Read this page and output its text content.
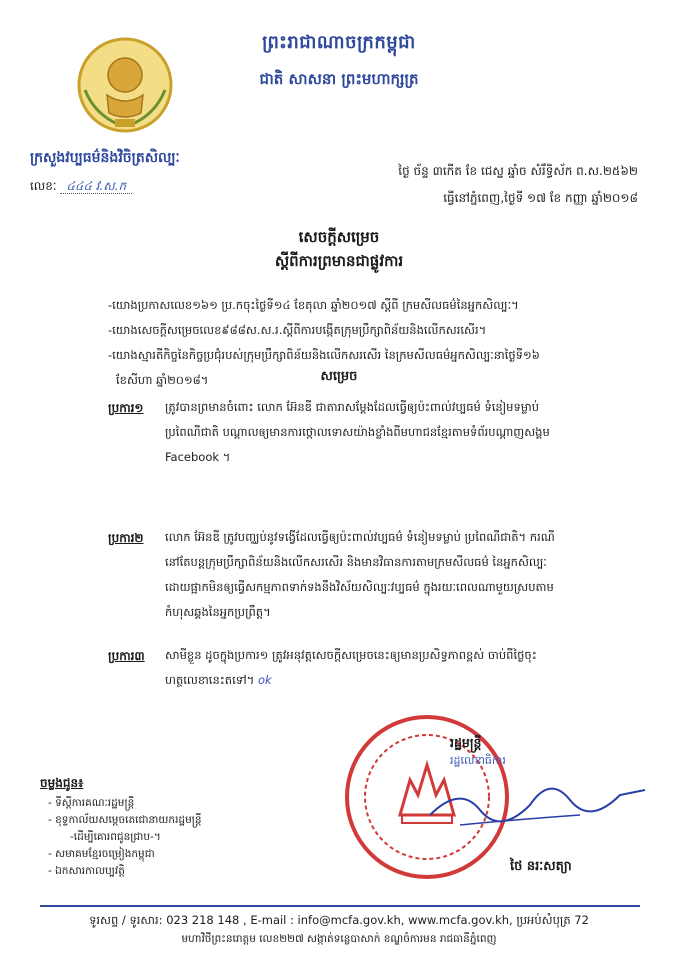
ព្រះរាជាណាចក្រកម្ពុជា
ជាតិ សាសនា ព្រះមហាក្សត្រ
ក្រសួងវប្បធម៌និងវិចិត្រសិល្បៈ
លេខៈ ៤៤៤ វ.ស.ក
ថ្ងៃ ច័ន្ទ ៣កើត ខែ ជេស្ឋ ឆ្នាំច សំរឹទ្ធិស័ក ព.ស.២៥៦២
ធ្វើនៅភ្នំពេញ,ថ្ងៃទី ១៧ ខែ កញ្ញា ឆ្នាំ២០១៨
សេចក្តីសម្រេច
ស្តីពីការព្រមានជាផ្លូវការ
-យោងប្រកាសលេខ១៦១ ប្រ.កចុះថ្ងៃទី១៤ ខែតុលា ឆ្នាំ២០១៧ ស្តីពី ក្រមសីលធម៌នៃអ្នកសិល្បៈ។
-យោងសេចក្តីសម្រេចលេខ៩៨៨ស.ស.រ.ស្តីពីការបង្កើតក្រុមប្រឹក្សាពិន័យនិងលើកសរសើរ។
-យោងស្មារតីកិច្ចនៃកិច្ចប្រជុំរបស់ក្រុមប្រឹក្សាពិន័យនិងលើកសរសើរ នៃក្រមសីលធម៌អ្នកសិល្បៈនាថ្ងៃទី១៦
ខែសីហា ឆ្នាំ២០១៨។	សម្រេច
ប្រការ១ ត្រូវបានព្រមានចំពោះ លោក អ៊ែនឌី ជាតារាសម្តែងដែលធ្វើឲ្យប៉ះពាល់វប្បធម៌ ទំនៀមទម្លាប់
ប្រពៃណីជាតិ បណ្តាលឲ្យមានការថ្កោលទោសយ៉ាងខ្លាំងពីមហាជនខ្មែរតាមទំព័របណ្តាញសង្គម
Facebook ។
ប្រការ២ លោក អ៊ែនឌី ត្រូវបញ្ឈប់នូវទង្វើដែលធ្វើឲ្យប៉ះពាល់វប្បធម៌ ទំនៀមទម្លាប់ ប្រពៃណីជាតិ។ ករណី
នៅតែបន្តក្រុមប្រឹក្សាពិន័យនិងលើកសរសើរ និងមានវិធានការតាមក្រមសីលធម៌ នៃអ្នកសិល្បៈ
ដោយផ្អាកមិនឲ្យធ្វើសកម្មភាពទាក់ទងនឹងវិស័យសិល្បៈវប្បធម៌ ក្នុងរយៈពេលណាមួយស្របតាម
កំហុសឆ្គងនៃអ្នកប្រព្រឹត្ត។
ប្រការ៣ សាមីខ្លួន ដូចក្នុងប្រការ១ ត្រូវអនុវត្តសេចក្តីសម្រេចនេះឲ្យមានប្រសិទ្ធភាពខ្ពស់ ចាប់ពីថ្ងៃចុះ
ហត្ថលេខានេះតទៅ។ ok
ចម្លងជូន៖
- ទីស្តីការគណៈរដ្ឋមន្ត្រី
- ខុទ្ទកាល័យសម្តេចតេជោនាយករដ្ឋមន្ត្រី
-ដើម្បីគោរពជូនជ្រាប-។
- សមាគមខ្មែរចម្រៀងកម្ពុជា
- ឯកសារកាលប្បវត្តិ
រដ្ឋមន្ត្រី
រដ្ឋលេខាធិការ
ថៃ នរៈសត្យា
ទូរសព្ទ / ទូរសារ: 023 218 148 , E-mail : info@mcfa.gov.kh, www.mcfa.gov.kh, ប្រអប់សំបុត្រ 72
មហាវិថីព្រះនរោត្តម លេខ២២៧ សង្កាត់ទន្លេបាសាក់ ខណ្ឌចំការមន រាជធានីភ្នំពេញ
